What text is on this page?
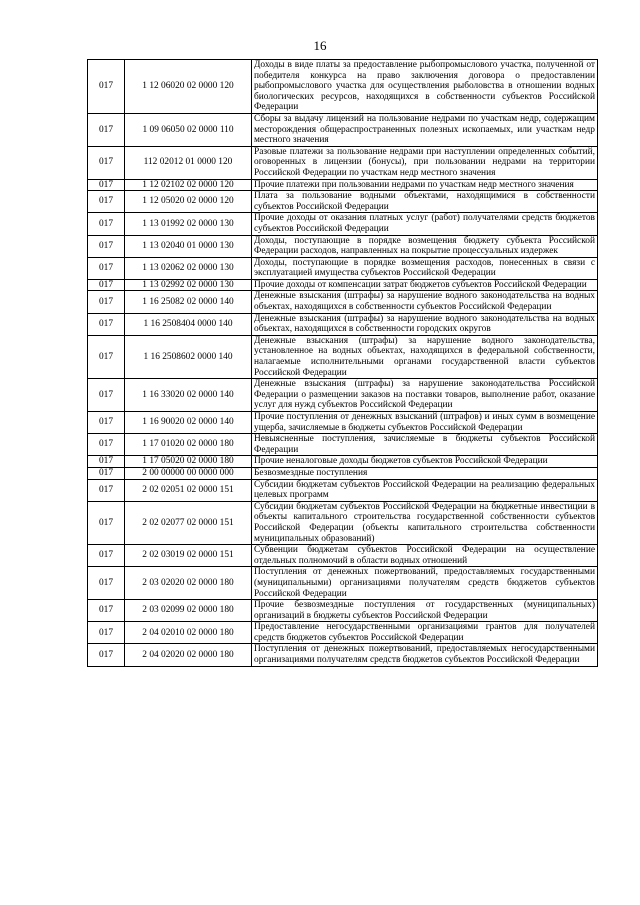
16
017	1 12 06020 02 0000 120	Доходы в виде платы за предоставление рыбопромыслового участка, полученной от победителя конкурса на право заключения договора о предоставлении рыбопромыслового участка для осуществления рыболовства в отношении водных биологических ресурсов, находящихся в собственности субъектов Российской Федерации
017	1 09 06050 02 0000 110	Сборы за выдачу лицензий на пользование недрами по участкам недр, содержащим месторождения общераспространенных полезных ископаемых, или участкам недр местного значения
017	112 02012 01 0000 120	Разовые платежи за пользование недрами при наступлении определенных событий, оговоренных в лицензии (бонусы), при пользовании недрами на территории Российской Федерации по участкам недр местного значения
017	1 12 02102 02 0000 120	Прочие платежи при пользовании недрами по участкам недр местного значения
017	1 12 05020 02 0000 120	Плата за пользование водными объектами, находящимися в собственности субъектов Российской Федерации
017	1 13 01992 02 0000 130	Прочие доходы от оказания платных услуг (работ) получателями средств бюджетов субъектов Российской Федерации
017	1 13 02040 01 0000 130	Доходы, поступающие в порядке возмещения бюджету субъекта Российской Федерации расходов, направленных на покрытие процессуальных издержек
017	1 13 02062 02 0000 130	Доходы, поступающие в порядке возмещения расходов, понесенных в связи с эксплуатацией имущества субъектов Российской Федерации
017	1 13 02992 02 0000 130	Прочие доходы от компенсации затрат бюджетов субъектов Российской Федерации
017	1 16 25082 02 0000 140	Денежные взыскания (штрафы) за нарушение водного законодательства на водных объектах, находящихся в собственности субъектов Российской Федерации
017	1 16 2508404 0000 140	Денежные взыскания (штрафы) за нарушение водного законодательства на водных объектах, находящихся в собственности городских округов
017	1 16 2508602 0000 140	Денежные взыскания (штрафы) за нарушение водного законодательства, установленное на водных объектах, находящихся в федеральной собственности, налагаемые исполнительными органами государственной власти субъектов Российской Федерации
017	1 16 33020 02 0000 140	Денежные взыскания (штрафы) за нарушение законодательства Российской Федерации о размещении заказов на поставки товаров, выполнение работ, оказание услуг для нужд субъектов Российской Федерации
017	1 16 90020 02 0000 140	Прочие поступления от денежных взысканий (штрафов) и иных сумм в возмещение ущерба, зачисляемые в бюджеты субъектов Российской Федерации
017	1 17 01020 02 0000 180	Невыясненные поступления, зачисляемые в бюджеты субъектов Российской Федерации
017	1 17 05020 02 0000 180	Прочие неналоговые доходы бюджетов субъектов Российской Федерации
017	2 00 00000 00 0000 000	Безвозмездные поступления
017	2 02 02051 02 0000 151	Субсидии бюджетам субъектов Российской Федерации на реализацию федеральных целевых программ
017	2 02 02077 02 0000 151	Субсидии бюджетам субъектов Российской Федерации на бюджетные инвестиции в объекты капитального строительства государственной собственности субъектов Российской Федерации (объекты капитального строительства собственности муниципальных образований)
017	2 02 03019 02 0000 151	Субвенции бюджетам субъектов Российской Федерации на осуществление отдельных полномочий в области водных отношений
017	2 03 02020 02 0000 180	Поступления от денежных пожертвований, предоставляемых государственными (муниципальными) организациями получателям средств бюджетов субъектов Российской Федерации
017	2 03 02099 02 0000 180	Прочие безвозмездные поступления от государственных (муниципальных) организаций в бюджеты субъектов Российской Федерации
017	2 04 02010 02 0000 180	Предоставление негосударственными организациями грантов для получателей средств бюджетов субъектов Российской Федерации
017	2 04 02020 02 0000 180	Поступления от денежных пожертвований, предоставляемых негосударственными организациями получателям средств бюджетов субъектов Российской Федерации
